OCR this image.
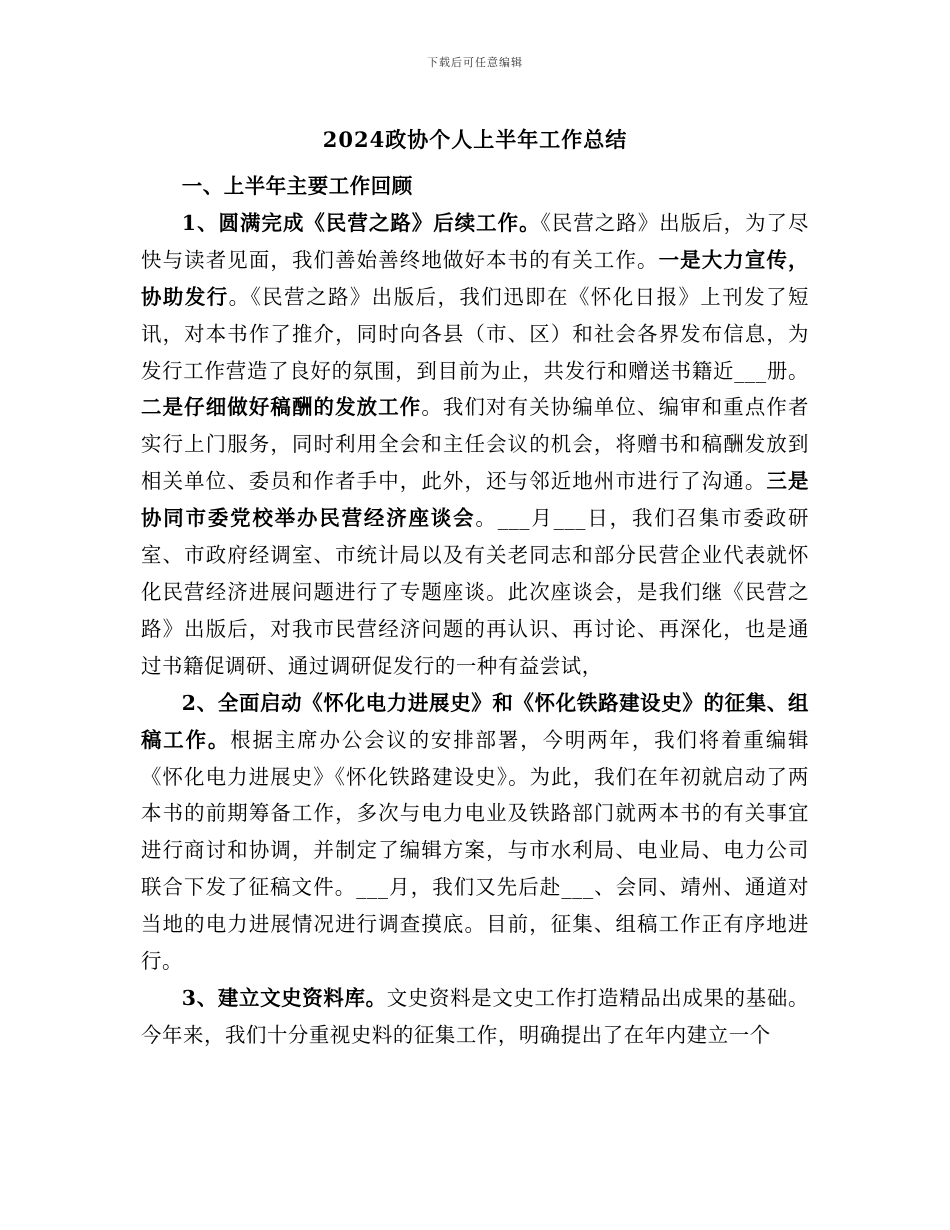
下载后可任意编辑
2024政协个人上半年工作总结

一、上半年主要工作回顾

1、圆满完成《民营之路》后续工作。《民营之路》出版后，为了尽快与读者见面，我们善始善终地做好本书的有关工作。一是大力宣传，协助发行。《民营之路》出版后，我们迅即在《怀化日报》上刊发了短讯，对本书作了推介，同时向各县（市、区）和社会各界发布信息，为发行工作营造了良好的氛围，到目前为止，共发行和赠送书籍近___册。二是仔细做好稿酬的发放工作。我们对有关协编单位、编审和重点作者实行上门服务，同时利用全会和主任会议的机会，将赠书和稿酬发放到相关单位、委员和作者手中，此外，还与邻近地州市进行了沟通。三是协同市委党校举办民营经济座谈会。___月___日，我们召集市委政研室、市政府经调室、市统计局以及有关老同志和部分民营企业代表就怀化民营经济进展问题进行了专题座谈。此次座谈会，是我们继《民营之路》出版后，对我市民营经济问题的再认识、再讨论、再深化，也是通过书籍促调研、通过调研促发行的一种有益尝试，

2、全面启动《怀化电力进展史》和《怀化铁路建设史》的征集、组稿工作。根据主席办公会议的安排部署，今明两年，我们将着重编辑《怀化电力进展史》《怀化铁路建设史》。为此，我们在年初就启动了两本书的前期筹备工作，多次与电力电业及铁路部门就两本书的有关事宜进行商讨和协调，并制定了编辑方案，与市水利局、电业局、电力公司联合下发了征稿文件。___月，我们又先后赴___、会同、靖州、通道对当地的电力进展情况进行调查摸底。目前，征集、组稿工作正有序地进行。

3、建立文史资料库。文史资料是文史工作打造精品出成果的基础。今年来，我们十分重视史料的征集工作，明确提出了在年内建立一个
